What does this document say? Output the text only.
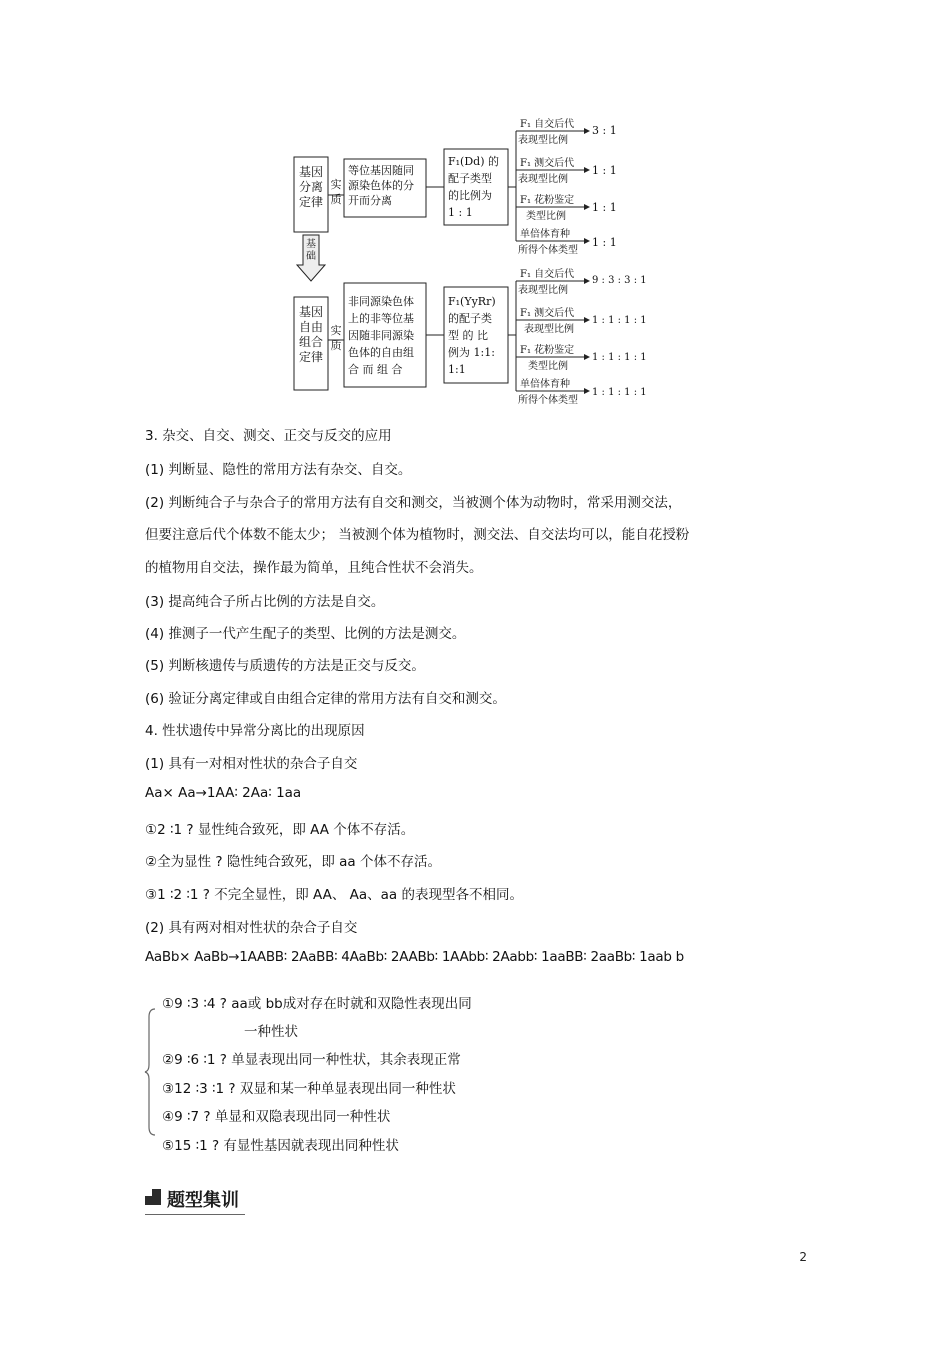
基因
分离
定律
基
础
基因
自由
组合
定律
实
质
实
质
等位基因随同
源染色体的分
开而分离
非同源染色体
上的非等位基
因随非同源染
色体的自由组
合 而 组 合
F₁(Dd) 的
配子类型
的比例为
1 : 1
F₁(YyRr)
的配子类
型 的 比
例为 1:1:
1:1
F₁ 自交后代
表现型比例
3 : 1
F₁ 测交后代
表现型比例
1 : 1
F₁ 花粉鉴定
类型比例
1 : 1
单倍体育种
所得个体类型
1 : 1
F₁ 自交后代
表现型比例
9 : 3 : 3 : 1
F₁ 测交后代
表现型比例
1 : 1 : 1 : 1
F₁ 花粉鉴定
类型比例
1 : 1 : 1 : 1
单倍体育种
所得个体类型
1 : 1 : 1 : 1
3. 杂交、自交、测交、正交与反交的应用
(1) 判断显、隐性的常用方法有杂交、自交。
(2) 判断纯合子与杂合子的常用方法有自交和测交，当被测个体为动物时，常采用测交法，
但要注意后代个体数不能太少； 当被测个体为植物时，测交法、自交法均可以，能自花授粉
的植物用自交法，操作最为简单，且纯合性状不会消失。
(3) 提高纯合子所占比例的方法是自交。
(4) 推测子一代产生配子的类型、比例的方法是测交。
(5) 判断核遗传与质遗传的方法是正交与反交。
(6) 验证分离定律或自由组合定律的常用方法有自交和测交。
4. 性状遗传中异常分离比的出现原因
(1) 具有一对相对性状的杂合子自交
Aa× Aa→1AA∶ 2Aa∶ 1aa
①2 ∶1 ? 显性纯合致死，即 AA 个体不存活。
②全为显性 ? 隐性纯合致死，即 aa 个体不存活。
③1 ∶2 ∶1 ? 不完全显性，即 AA、 Aa、aa 的表现型各不相同。
(2) 具有两对相对性状的杂合子自交
AaBb× AaBb→1AABB∶ 2AaBB∶ 4AaBb∶ 2AABb∶ 1AAbb∶ 2Aabb∶ 1aaBB∶ 2aaBb∶ 1aab b
①9 ∶3 ∶4 ? aa或 bb成对存在时就和双隐性表现出同
一种性状
②9 ∶6 ∶1 ? 单显表现出同一种性状，其余表现正常
③12 ∶3 ∶1 ? 双显和某一种单显表现出同一种性状
④9 ∶7 ? 单显和双隐表现出同一种性状
⑤15 ∶1 ? 有显性基因就表现出同种性状
题型集训
2
